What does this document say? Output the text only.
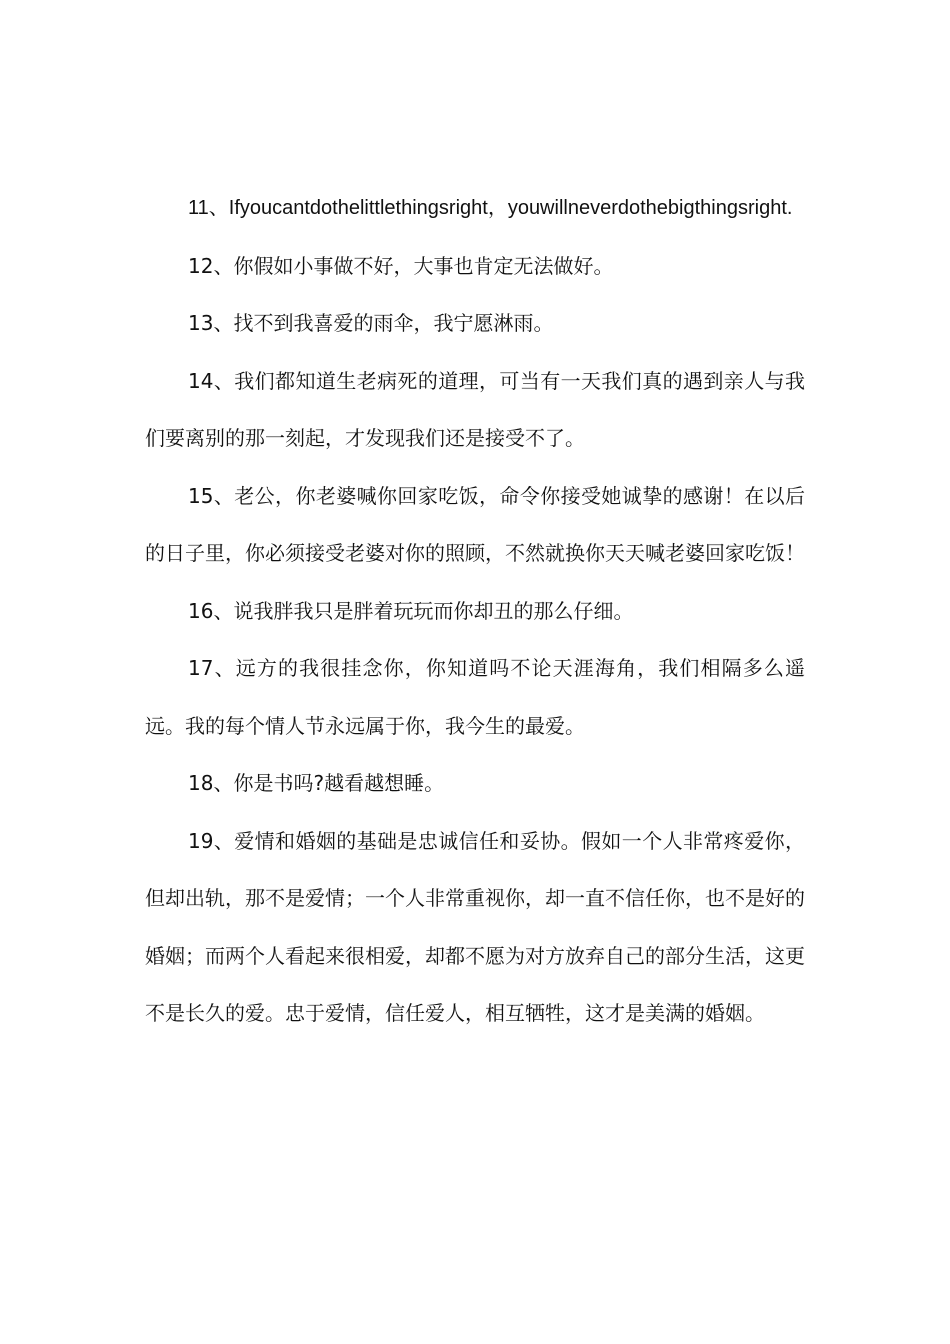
11、Ifyoucantdothelittlethingsright，youwillneverdothebigthingsright.

12、你假如小事做不好，大事也肯定无法做好。

13、找不到我喜爱的雨伞，我宁愿淋雨。

14、我们都知道生老病死的道理，可当有一天我们真的遇到亲人与我们要离别的那一刻起，才发现我们还是接受不了。

15、老公，你老婆喊你回家吃饭，命令你接受她诚挚的感谢！在以后的日子里，你必须接受老婆对你的照顾，不然就换你天天喊老婆回家吃饭！

16、说我胖我只是胖着玩玩而你却丑的那么仔细。

17、远方的我很挂念你，你知道吗不论天涯海角，我们相隔多么遥远。我的每个情人节永远属于你，我今生的最爱。

18、你是书吗?越看越想睡。

19、爱情和婚姻的基础是忠诚信任和妥协。假如一个人非常疼爱你，但却出轨，那不是爱情；一个人非常重视你，却一直不信任你，也不是好的婚姻；而两个人看起来很相爱，却都不愿为对方放弃自己的部分生活，这更不是长久的爱。忠于爱情，信任爱人，相互牺牲，这才是美满的婚姻。
